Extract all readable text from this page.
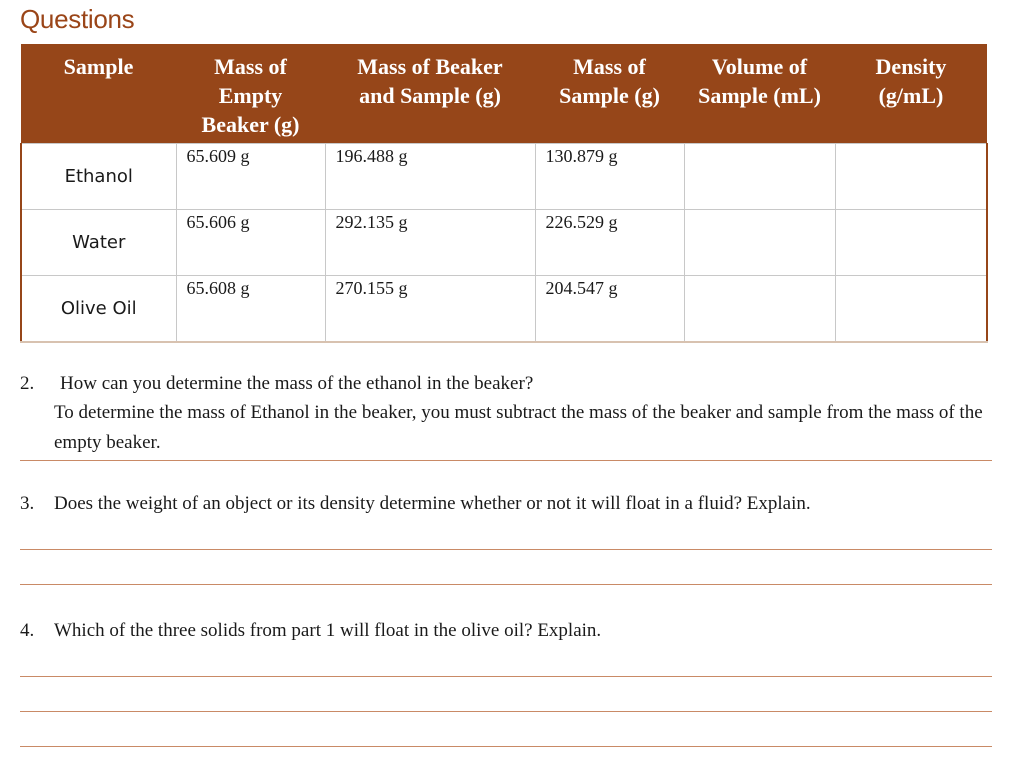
Questions
Sample	Mass of Empty Beaker (g)	Mass of Beaker and Sample (g)	Mass of Sample (g)	Volume of Sample (mL)	Density (g/mL)
Ethanol	65.609 g	196.488 g	130.879 g		
Water	65.606 g	292.135 g	226.529 g		
Olive Oil	65.608 g	270.155 g	204.547 g		
2. How can you determine the mass of the ethanol in the beaker?
To determine the mass of Ethanol in the beaker, you must subtract the mass of the beaker and sample from the mass of the empty beaker.
3. Does the weight of an object or its density determine whether or not it will float in a fluid? Explain.
4. Which of the three solids from part 1 will float in the olive oil? Explain.
